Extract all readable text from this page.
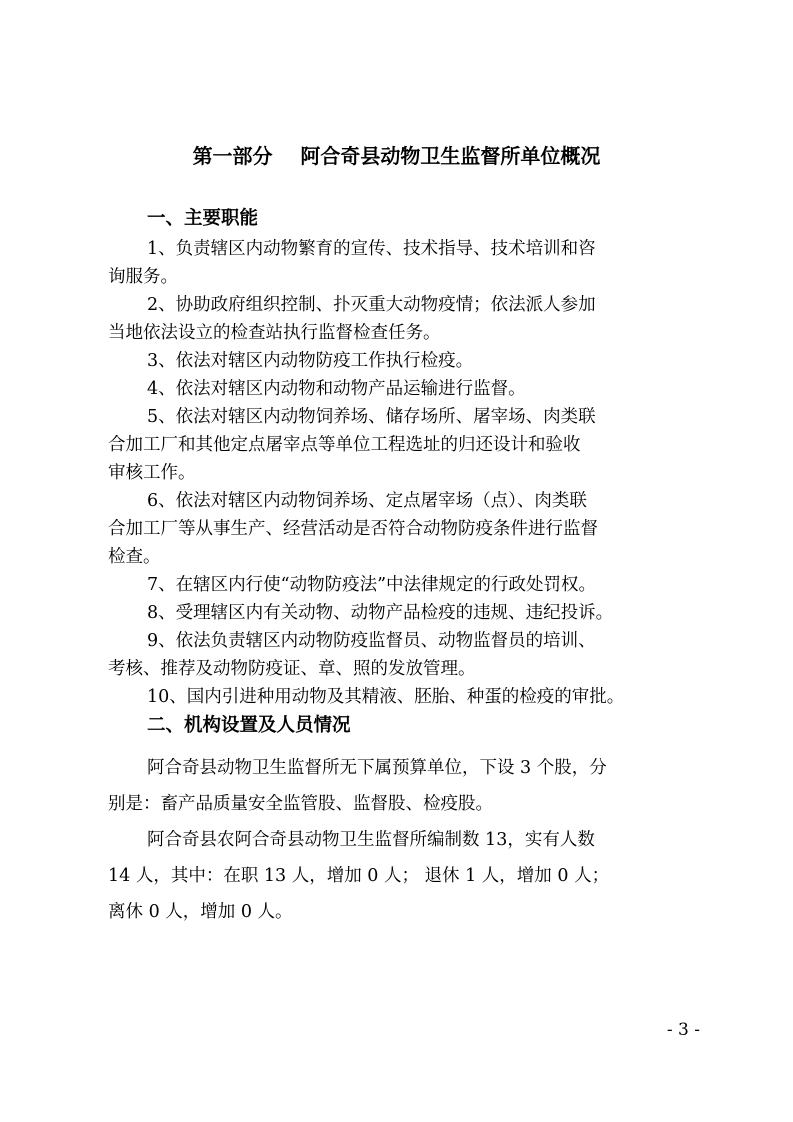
第一部分    阿合奇县动物卫生监督所单位概况
一、主要职能

1、负责辖区内动物繁育的宣传、技术指导、技术培训和咨

询服务。

2、协助政府组织控制、扑灭重大动物疫情；依法派人参加

当地依法设立的检查站执行监督检查任务。

3、依法对辖区内动物防疫工作执行检疫。

4、依法对辖区内动物和动物产品运输进行监督。

5、依法对辖区内动物饲养场、储存场所、屠宰场、肉类联

合加工厂和其他定点屠宰点等单位工程选址的归还设计和验收

审核工作。

6、依法对辖区内动物饲养场、定点屠宰场（点）、肉类联

合加工厂等从事生产、经营活动是否符合动物防疫条件进行监督

检查。

7、在辖区内行使“动物防疫法”中法律规定的行政处罚权。

8、受理辖区内有关动物、动物产品检疫的违规、违纪投诉。

9、依法负责辖区内动物防疫监督员、动物监督员的培训、

考核、推荐及动物防疫证、章、照的发放管理。

10、国内引进种用动物及其精液、胚胎、种蛋的检疫的审批。

二、机构设置及人员情况

阿合奇县动物卫生监督所无下属预算单位，下设 3 个股，分

别是：畜产品质量安全监管股、监督股、检疫股。

阿合奇县农阿合奇县动物卫生监督所编制数 13，实有人数

14 人，其中：在职 13 人，增加 0 人； 退休 1 人，增加 0 人；

离休 0 人，增加 0 人。

- 3 -
